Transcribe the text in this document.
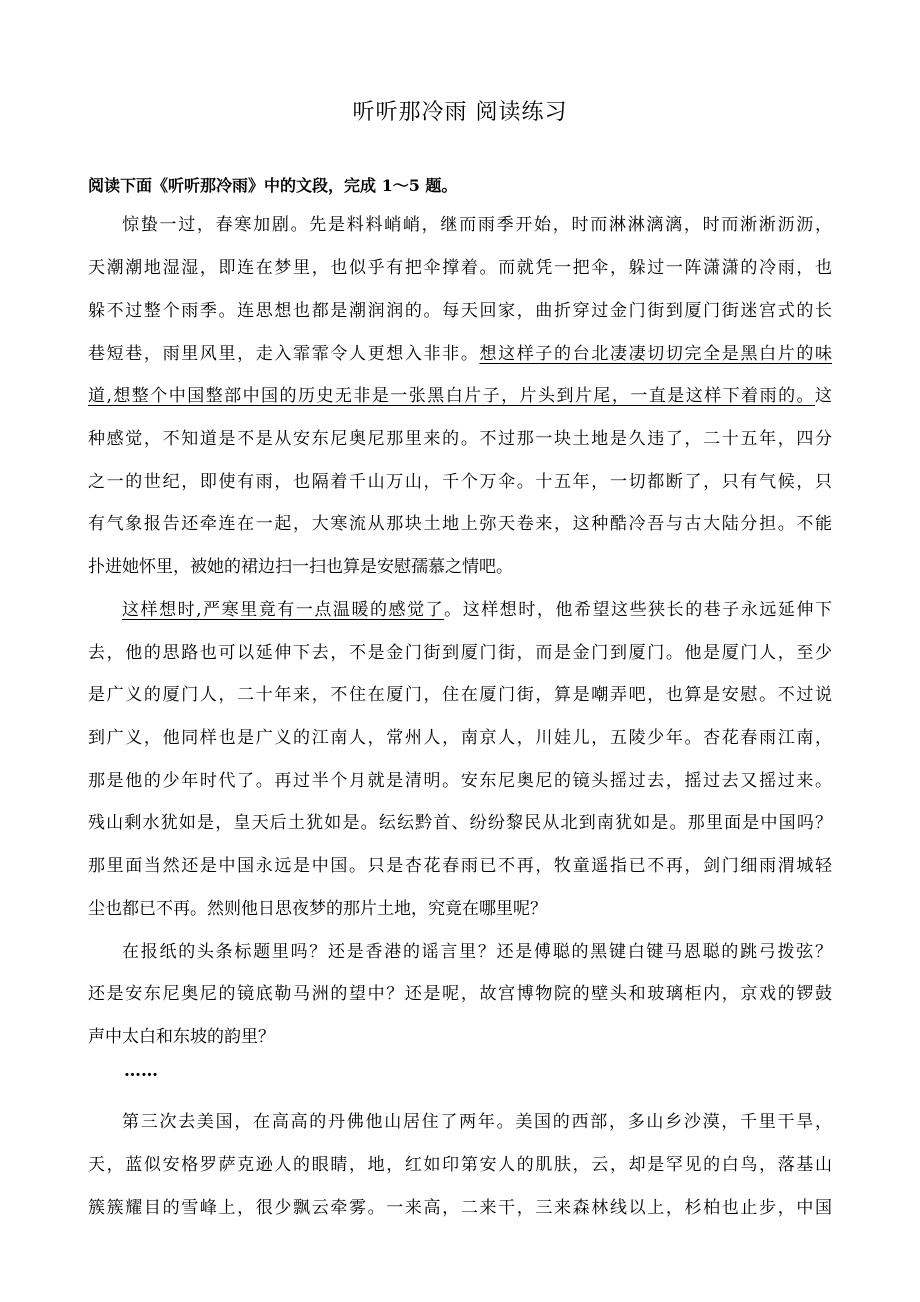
听听那冷雨 阅读练习
阅读下面《听听那冷雨》中的文段，完成 1～5 题。
惊蛰一过，春寒加剧。先是料料峭峭，继而雨季开始，时而淋淋漓漓，时而淅淅沥沥，
天潮潮地湿湿，即连在梦里，也似乎有把伞撑着。而就凭一把伞，躲过一阵潇潇的冷雨，也
躲不过整个雨季。连思想也都是潮润润的。每天回家，曲折穿过金门街到厦门街迷宫式的长
巷短巷，雨里风里，走入霏霏令人更想入非非。想这样子的台北凄凄切切完全是黑白片的味
道,想整个中国整部中国的历史无非是一张黑白片子，片头到片尾，一直是这样下着雨的。这
种感觉，不知道是不是从安东尼奥尼那里来的。不过那一块土地是久违了，二十五年，四分
之一的世纪，即使有雨，也隔着千山万山，千个万伞。十五年，一切都断了，只有气候，只
有气象报告还牵连在一起，大寒流从那块土地上弥天卷来，这种酷冷吾与古大陆分担。不能
扑进她怀里，被她的裙边扫一扫也算是安慰孺慕之情吧。
这样想时,严寒里竟有一点温暖的感觉了。这样想时，他希望这些狭长的巷子永远延伸下
去，他的思路也可以延伸下去，不是金门街到厦门街，而是金门到厦门。他是厦门人，至少
是广义的厦门人，二十年来，不住在厦门，住在厦门街，算是嘲弄吧，也算是安慰。不过说
到广义，他同样也是广义的江南人，常州人，南京人，川娃儿，五陵少年。杏花春雨江南，
那是他的少年时代了。再过半个月就是清明。安东尼奥尼的镜头摇过去，摇过去又摇过来。
残山剩水犹如是，皇天后土犹如是。纭纭黔首、纷纷黎民从北到南犹如是。那里面是中国吗？
那里面当然还是中国永远是中国。只是杏花春雨已不再，牧童遥指已不再，剑门细雨渭城轻
尘也都已不再。然则他日思夜梦的那片土地，究竟在哪里呢？
在报纸的头条标题里吗？还是香港的谣言里？还是傅聪的黑键白键马恩聪的跳弓拨弦？
还是安东尼奥尼的镜底勒马洲的望中？还是呢，故宫博物院的壁头和玻璃柜内，京戏的锣鼓
声中太白和东坡的韵里？
……
第三次去美国，在高高的丹佛他山居住了两年。美国的西部，多山乡沙漠，千里干旱，
天，蓝似安格罗萨克逊人的眼睛，地，红如印第安人的肌肤，云，却是罕见的白鸟，落基山
簇簇耀目的雪峰上，很少飘云牵雾。一来高，二来干，三来森林线以上，杉柏也止步，中国
